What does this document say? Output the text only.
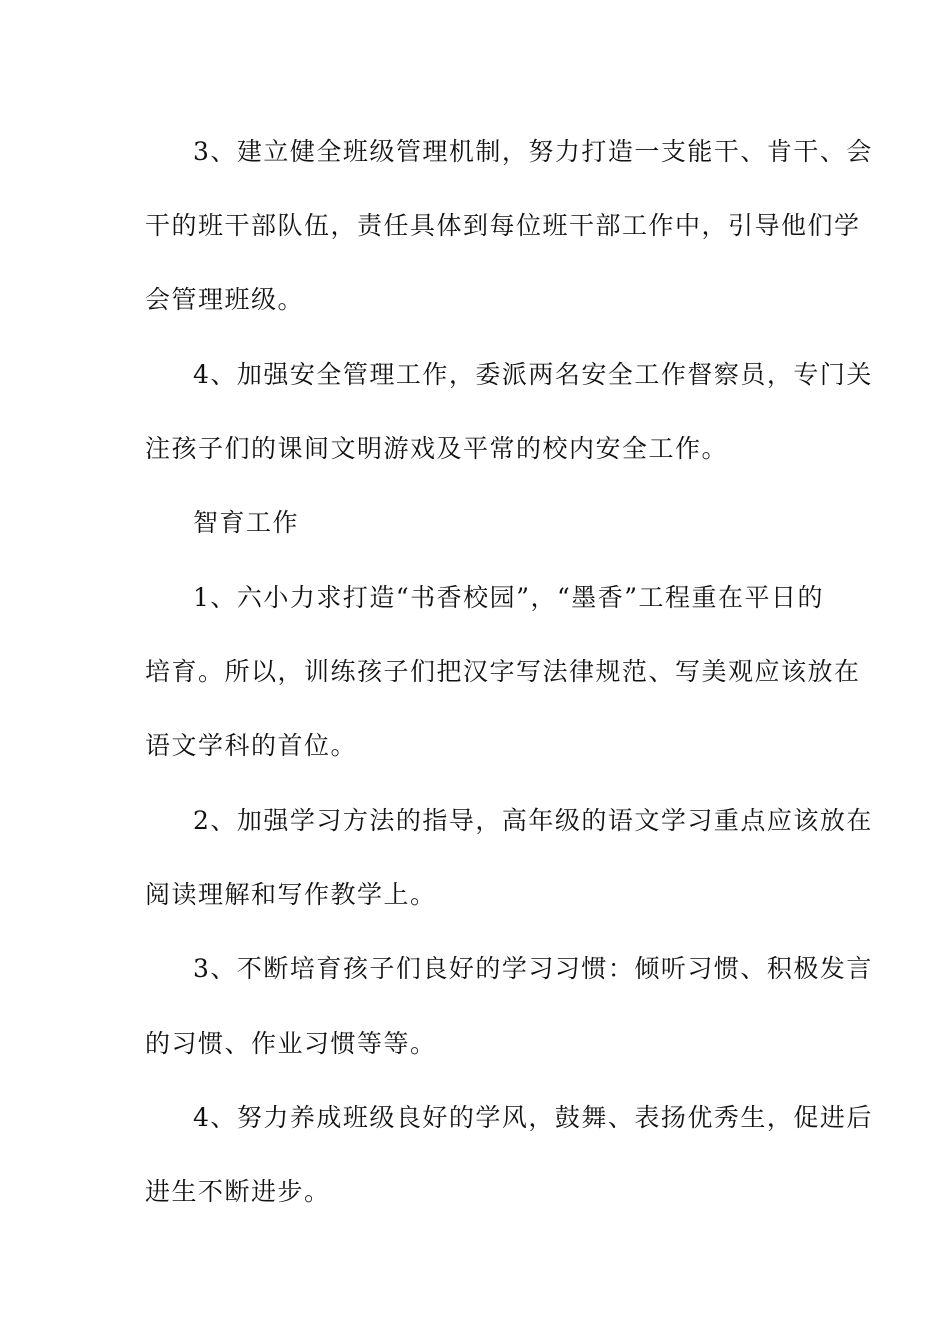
3、建立健全班级管理机制，努力打造一支能干、肯干、会

干的班干部队伍，责任具体到每位班干部工作中，引导他们学

会管理班级。

4、加强安全管理工作，委派两名安全工作督察员，专门关

注孩子们的课间文明游戏及平常的校内安全工作。

智育工作

1、六小力求打造“书香校园”，“墨香”工程重在平日的

培育。所以，训练孩子们把汉字写法律规范、写美观应该放在

语文学科的首位。

2、加强学习方法的指导，高年级的语文学习重点应该放在

阅读理解和写作教学上。

3、不断培育孩子们良好的学习习惯：倾听习惯、积极发言

的习惯、作业习惯等等。

4、努力养成班级良好的学风，鼓舞、表扬优秀生，促进后

进生不断进步。
